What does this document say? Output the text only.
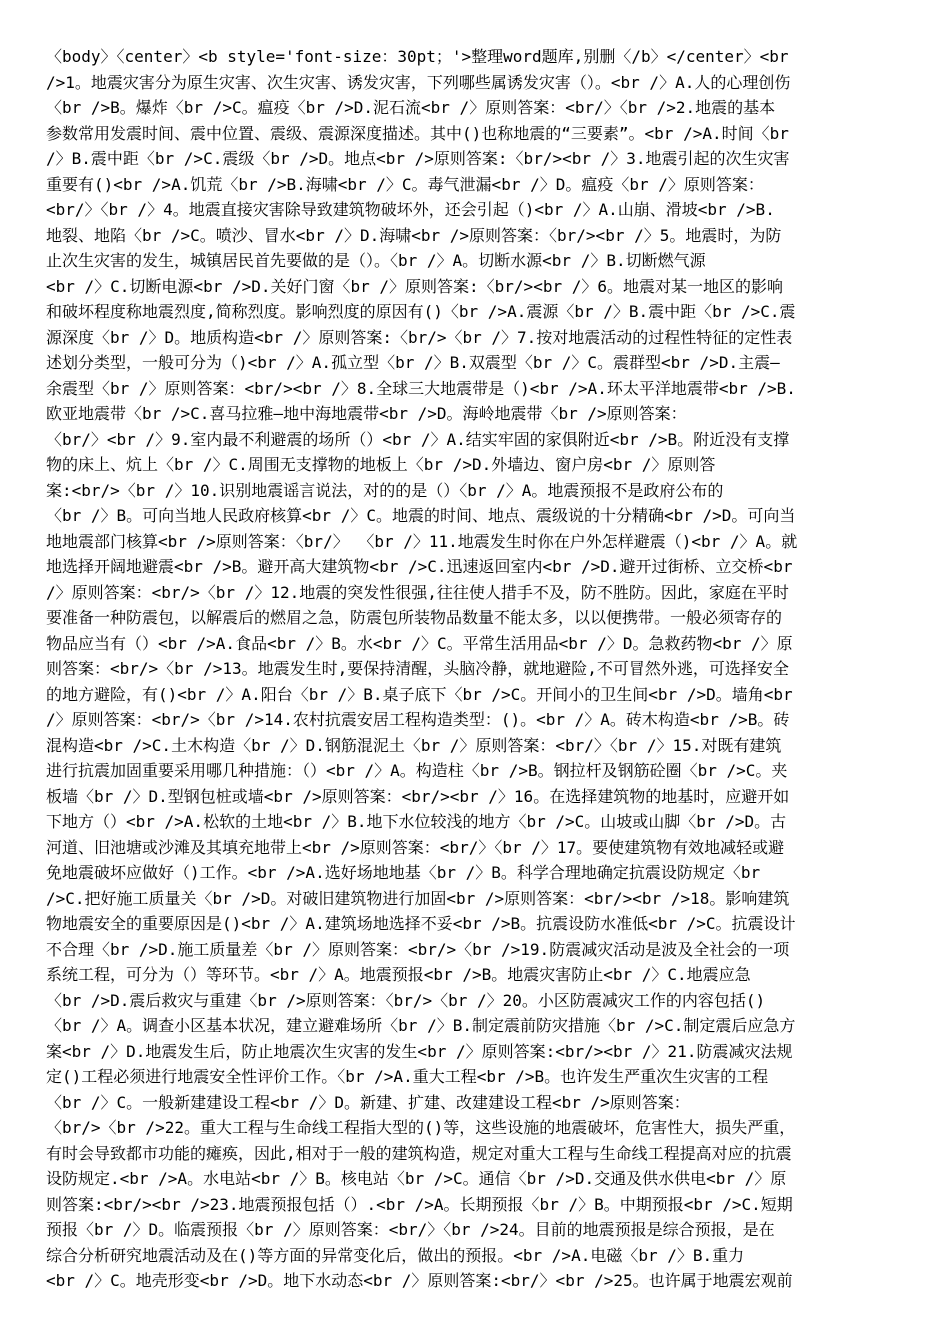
〈body〉〈center〉<b style='font-size：30pt；'>整理word题库,别删〈/b〉</center〉<br
/>1。地震灾害分为原生灾害、次生灾害、诱发灾害，下列哪些属诱发灾害（）。<br /〉A.人的心理创伤
〈br />B。爆炸〈br />C。瘟疫〈br />D.泥石流<br /〉原则答案：<br/〉〈br />2.地震的基本
参数常用发震时间、震中位置、震级、震源深度描述。其中()也称地震的“三要素”。<br />A.时间〈br
/〉B.震中距〈br />C.震级〈br />D。地点<br />原则答案:〈br/><br /〉3.地震引起的次生灾害
重要有()<br />A.饥荒〈br />B.海啸<br /〉C。毒气泄漏<br /〉D。瘟疫〈br /〉原则答案：
<br/〉〈br /〉4。地震直接灾害除导致建筑物破坏外，还会引起（)<br /〉A.山崩、滑坡<br />B.
地裂、地陷〈br />C。喷沙、冒水<br /〉D.海啸<br />原则答案：〈br/><br /〉5。地震时，为防
止次生灾害的发生，城镇居民首先要做的是（）。〈br /〉A。切断水源<br /〉B.切断燃气源
<br /〉C.切断电源<br />D.关好门窗〈br /〉原则答案:〈br/><br /〉6。地震对某一地区的影响
和破坏程度称地震烈度,简称烈度。影响烈度的原因有()〈br />A.震源〈br /〉B.震中距〈br />C.震
源深度〈br /〉D。地质构造<br /〉原则答案:〈br/>〈br /〉7.按对地震活动的过程性特征的定性表
述划分类型，一般可分为（)<br /〉A.孤立型〈br /〉B.双震型〈br /〉C。震群型<br />D.主震—
余震型〈br /〉原则答案：<br/><br /〉8.全球三大地震带是（)<br />A.环太平洋地震带<br />B.
欧亚地震带〈br />C.喜马拉雅—地中海地震带<br />D。海岭地震带〈br />原则答案：
〈br/〉<br /〉9.室内最不利避震的场所（）<br /〉A.结实牢固的家俱附近<br />B。附近没有支撑
物的床上、炕上〈br /〉C.周围无支撑物的地板上〈br />D.外墙边、窗户房<br /〉原则答
案:<br/>〈br /〉10.识别地震谣言说法，对的的是（）〈br /〉A。地震预报不是政府公布的
〈br /〉B。可向当地人民政府核算<br /〉C。地震的时间、地点、震级说的十分精确<br />D。可向当
地地震部门核算<br />原则答案：〈br/〉 〈br /〉11.地震发生时你在户外怎样避震（)<br /〉A。就
地选择开阔地避震<br />B。避开高大建筑物<br />C.迅速返回室内<br />D.避开过街桥、立交桥<br
/〉原则答案：<br/>〈br /〉12.地震的突发性很强,往往使人措手不及，防不胜防。因此，家庭在平时
要准备一种防震包，以解震后的燃眉之急，防震包所装物品数量不能太多，以以便携带。一般必须寄存的
物品应当有（）<br />A.食品<br /〉B。水<br /〉C。平常生活用品<br /〉D。急救药物<br /〉原
则答案：<br/>〈br />13。地震发生时,要保持清醒，头脑冷静，就地避险,不可冒然外逃，可选择安全
的地方避险，有()<br /〉A.阳台〈br /〉B.桌子底下〈br />C。开间小的卫生间<br />D。墙角<br
/〉原则答案：<br/>〈br />14.农村抗震安居工程构造类型：()。<br /〉A。砖木构造<br />B。砖
混构造<br />C.土木构造〈br /〉D.钢筋混泥土〈br /〉原则答案：<br/〉〈br /〉15.对既有建筑
进行抗震加固重要采用哪几种措施：（）<br /〉A。构造柱〈br />B。钢拉杆及钢筋砼圈〈br />C。夹
板墙〈br /〉D.型钢包桩或墙<br />原则答案：<br/><br /〉16。在选择建筑物的地基时，应避开如
下地方（）<br />A.松软的土地<br /〉B.地下水位较浅的地方〈br />C。山坡或山脚〈br />D。古
河道、旧池塘或沙滩及其填充地带上<br />原则答案：<br/〉〈br /〉17。要使建筑物有效地减轻或避
免地震破坏应做好（)工作。<br />A.选好场地地基〈br /〉B。科学合理地确定抗震设防规定〈br
/>C.把好施工质量关〈br />D。对破旧建筑物进行加固<br />原则答案：<br/><br />18。影响建筑
物地震安全的重要原因是()<br /〉A.建筑场地选择不妥<br />B。抗震设防水准低<br />C。抗震设计
不合理〈br />D.施工质量差〈br /〉原则答案：<br/>〈br />19.防震减灾活动是波及全社会的一项
系统工程，可分为（）等环节。<br /〉A。地震预报<br />B。地震灾害防止<br /〉C.地震应急
〈br />D.震后救灾与重建〈br />原则答案：〈br/>〈br /〉20。小区防震减灾工作的内容包括()
〈br /〉A。调查小区基本状况，建立避难场所〈br /〉B.制定震前防灾措施〈br />C.制定震后应急方
案<br /〉D.地震发生后，防止地震次生灾害的发生<br /〉原则答案:<br/><br /〉21.防震减灾法规
定()工程必须进行地震安全性评价工作。〈br />A.重大工程<br />B。也许发生严重次生灾害的工程
〈br /〉C。一般新建建设工程<br /〉D。新建、扩建、改建建设工程<br />原则答案：
〈br/>〈br />22。重大工程与生命线工程指大型的()等，这些设施的地震破坏，危害性大，损失严重，
有时会导致都市功能的瘫痪，因此,相对于一般的建筑构造，规定对重大工程与生命线工程提高对应的抗震
设防规定.<br />A。水电站<br /〉B。核电站〈br />C。通信〈br />D.交通及供水供电<br /〉原
则答案:<br/><br />23.地震预报包括（）.<br />A。长期预报〈br /〉B。中期预报<br />C.短期
预报〈br /〉D。临震预报〈br /〉原则答案：<br/〉〈br />24。目前的地震预报是综合预报，是在
综合分析研究地震活动及在()等方面的异常变化后，做出的预报。<br />A.电磁〈br /〉B.重力
<br /〉C。地壳形变<br />D。地下水动态<br /〉原则答案:<br/〉<br />25。也许属于地震宏观前
